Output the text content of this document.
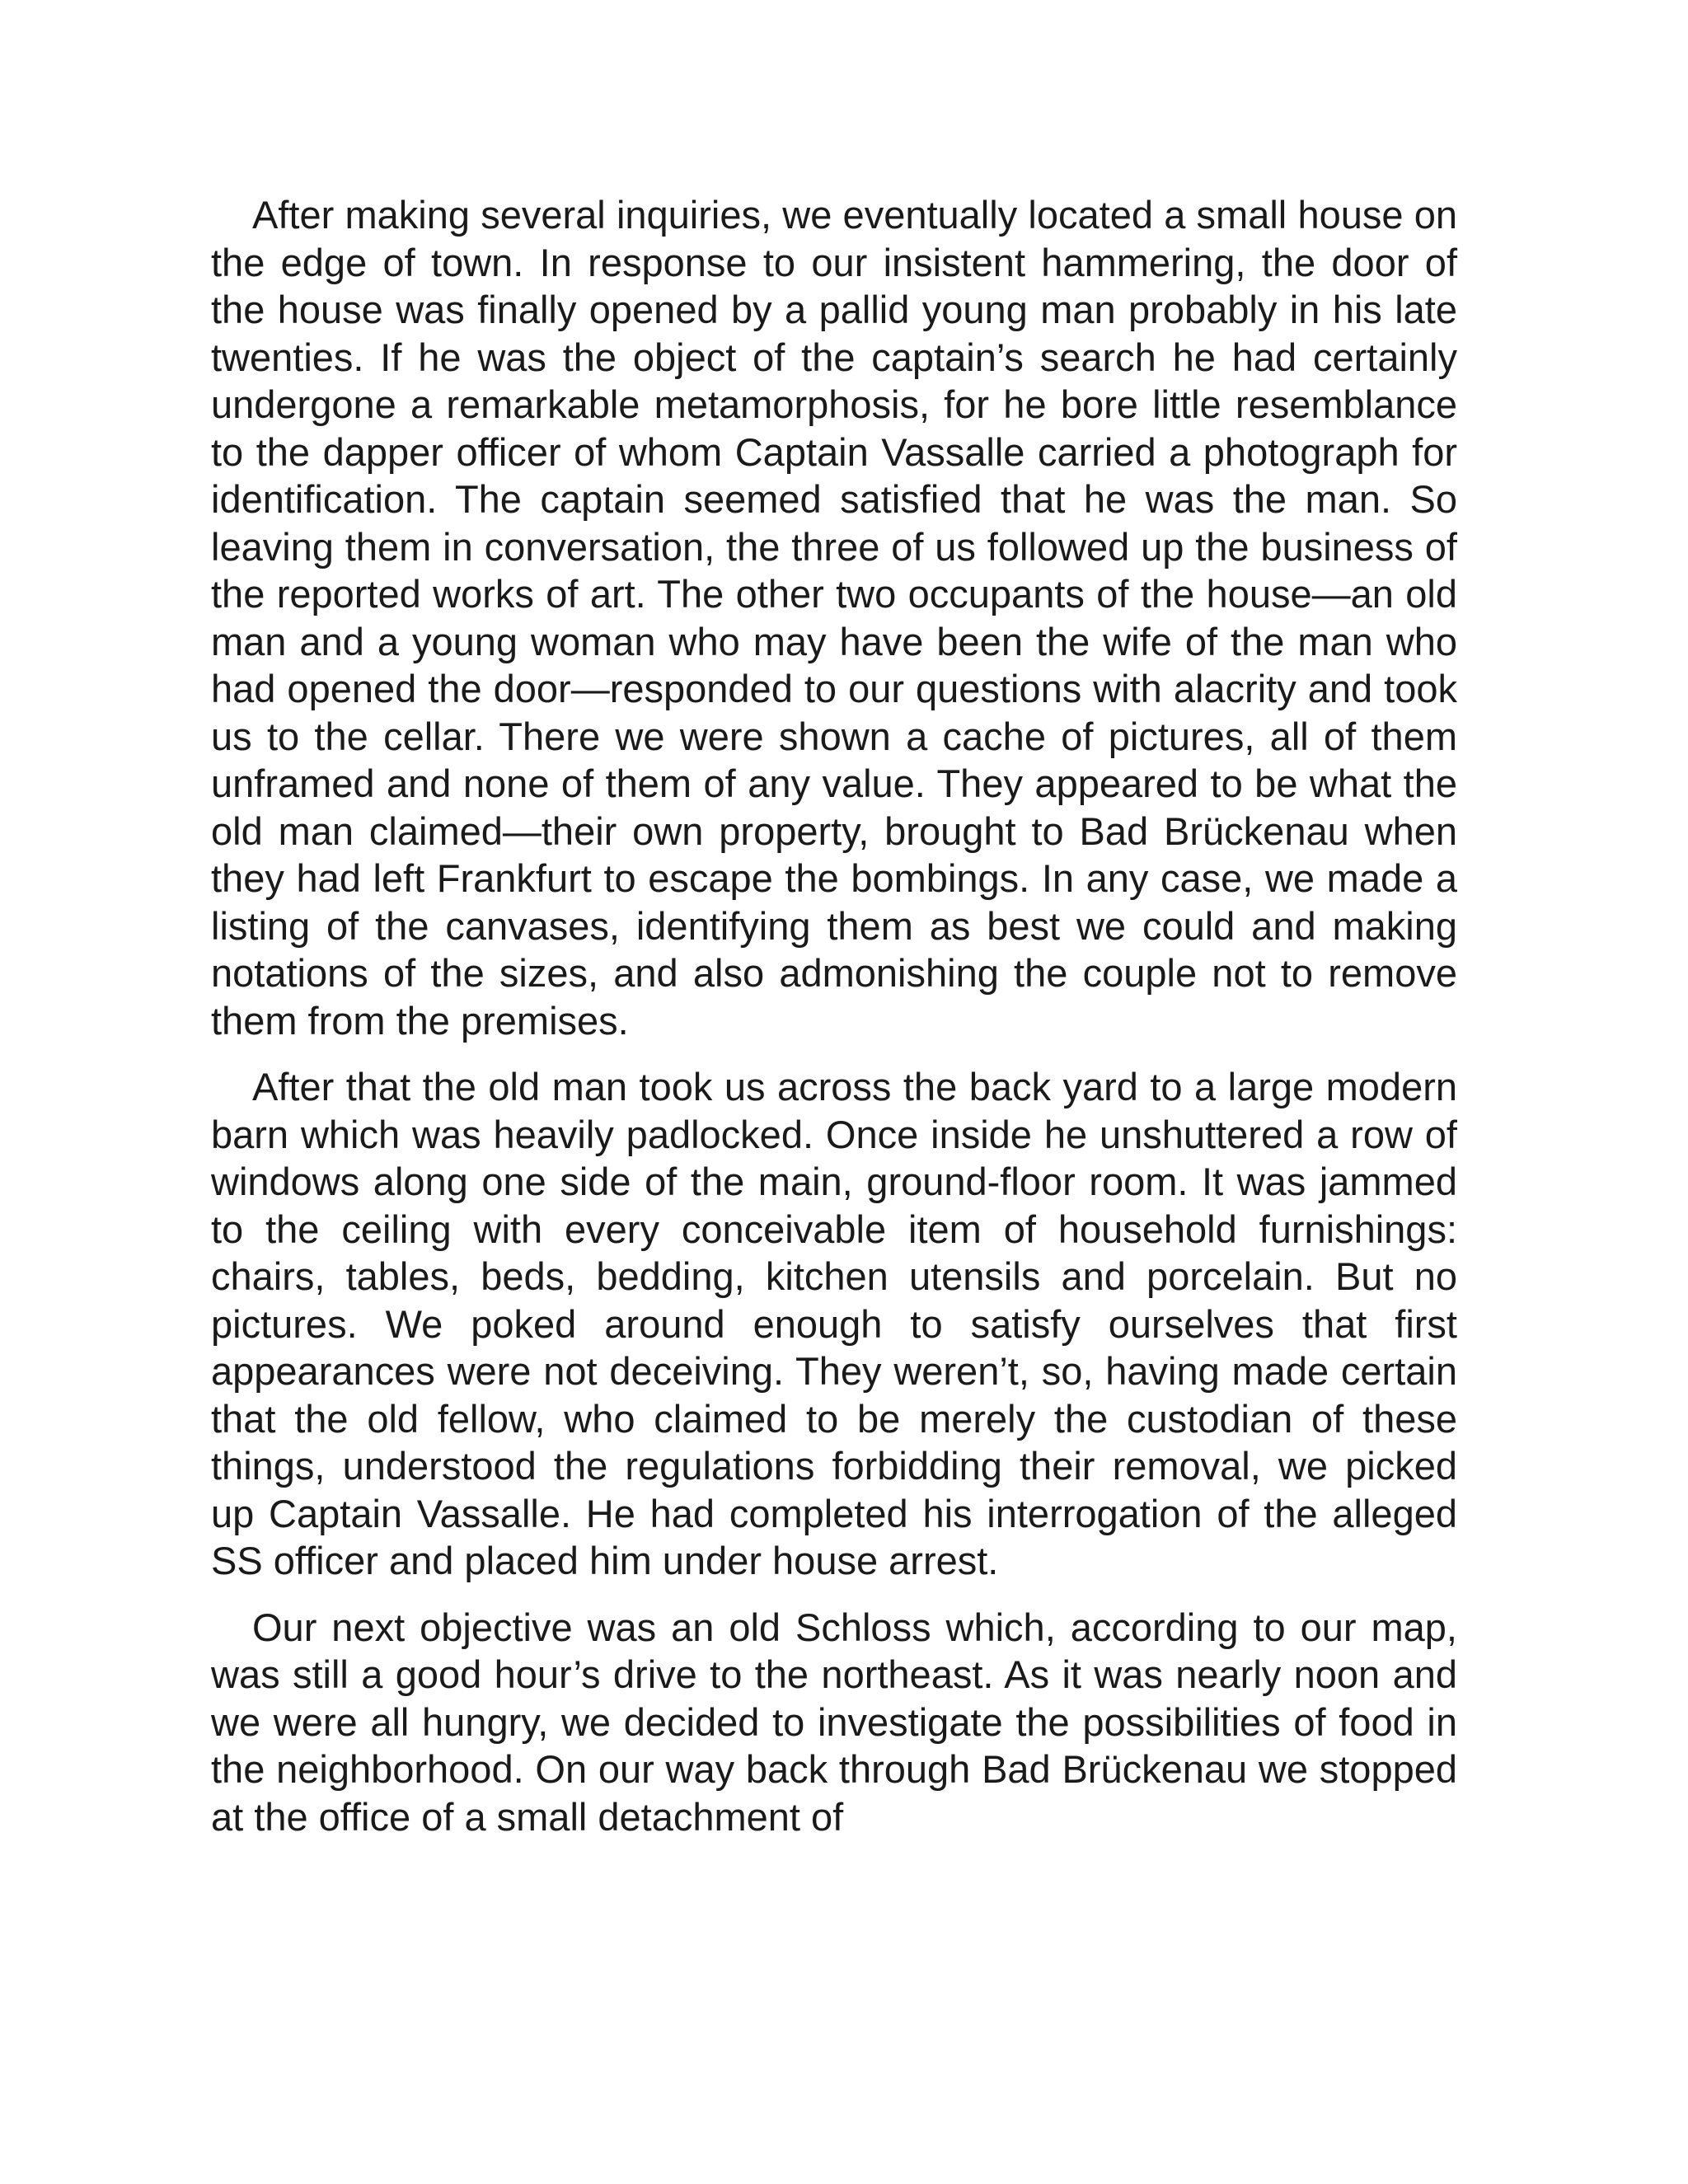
After making several inquiries, we eventually located a small house on the edge of town. In response to our insistent hammering, the door of the house was finally opened by a pallid young man probably in his late twenties. If he was the object of the captain’s search he had certainly undergone a remarkable metamorphosis, for he bore little resemblance to the dapper officer of whom Captain Vassalle carried a photograph for identification. The captain seemed satisfied that he was the man. So leaving them in conversation, the three of us followed up the business of the reported works of art. The other two occupants of the house—an old man and a young woman who may have been the wife of the man who had opened the door—responded to our questions with alacrity and took us to the cellar. There we were shown a cache of pictures, all of them unframed and none of them of any value. They appeared to be what the old man claimed—their own property, brought to Bad Brückenau when they had left Frankfurt to escape the bombings. In any case, we made a listing of the canvases, identifying them as best we could and making notations of the sizes, and also admonishing the couple not to remove them from the premises.

After that the old man took us across the back yard to a large modern barn which was heavily padlocked. Once inside he unshuttered a row of windows along one side of the main, ground-floor room. It was jammed to the ceiling with every conceivable item of household furnishings: chairs, tables, beds, bedding, kitchen utensils and porcelain. But no pictures. We poked around enough to satisfy ourselves that first appearances were not deceiving. They weren’t, so, having made certain that the old fellow, who claimed to be merely the custodian of these things, understood the regulations forbidding their removal, we picked up Captain Vassalle. He had completed his interrogation of the alleged SS officer and placed him under house arrest.

Our next objective was an old Schloss which, according to our map, was still a good hour’s drive to the northeast. As it was nearly noon and we were all hungry, we decided to investigate the possibilities of food in the neighborhood. On our way back through Bad Brückenau we stopped at the office of a small detachment of
